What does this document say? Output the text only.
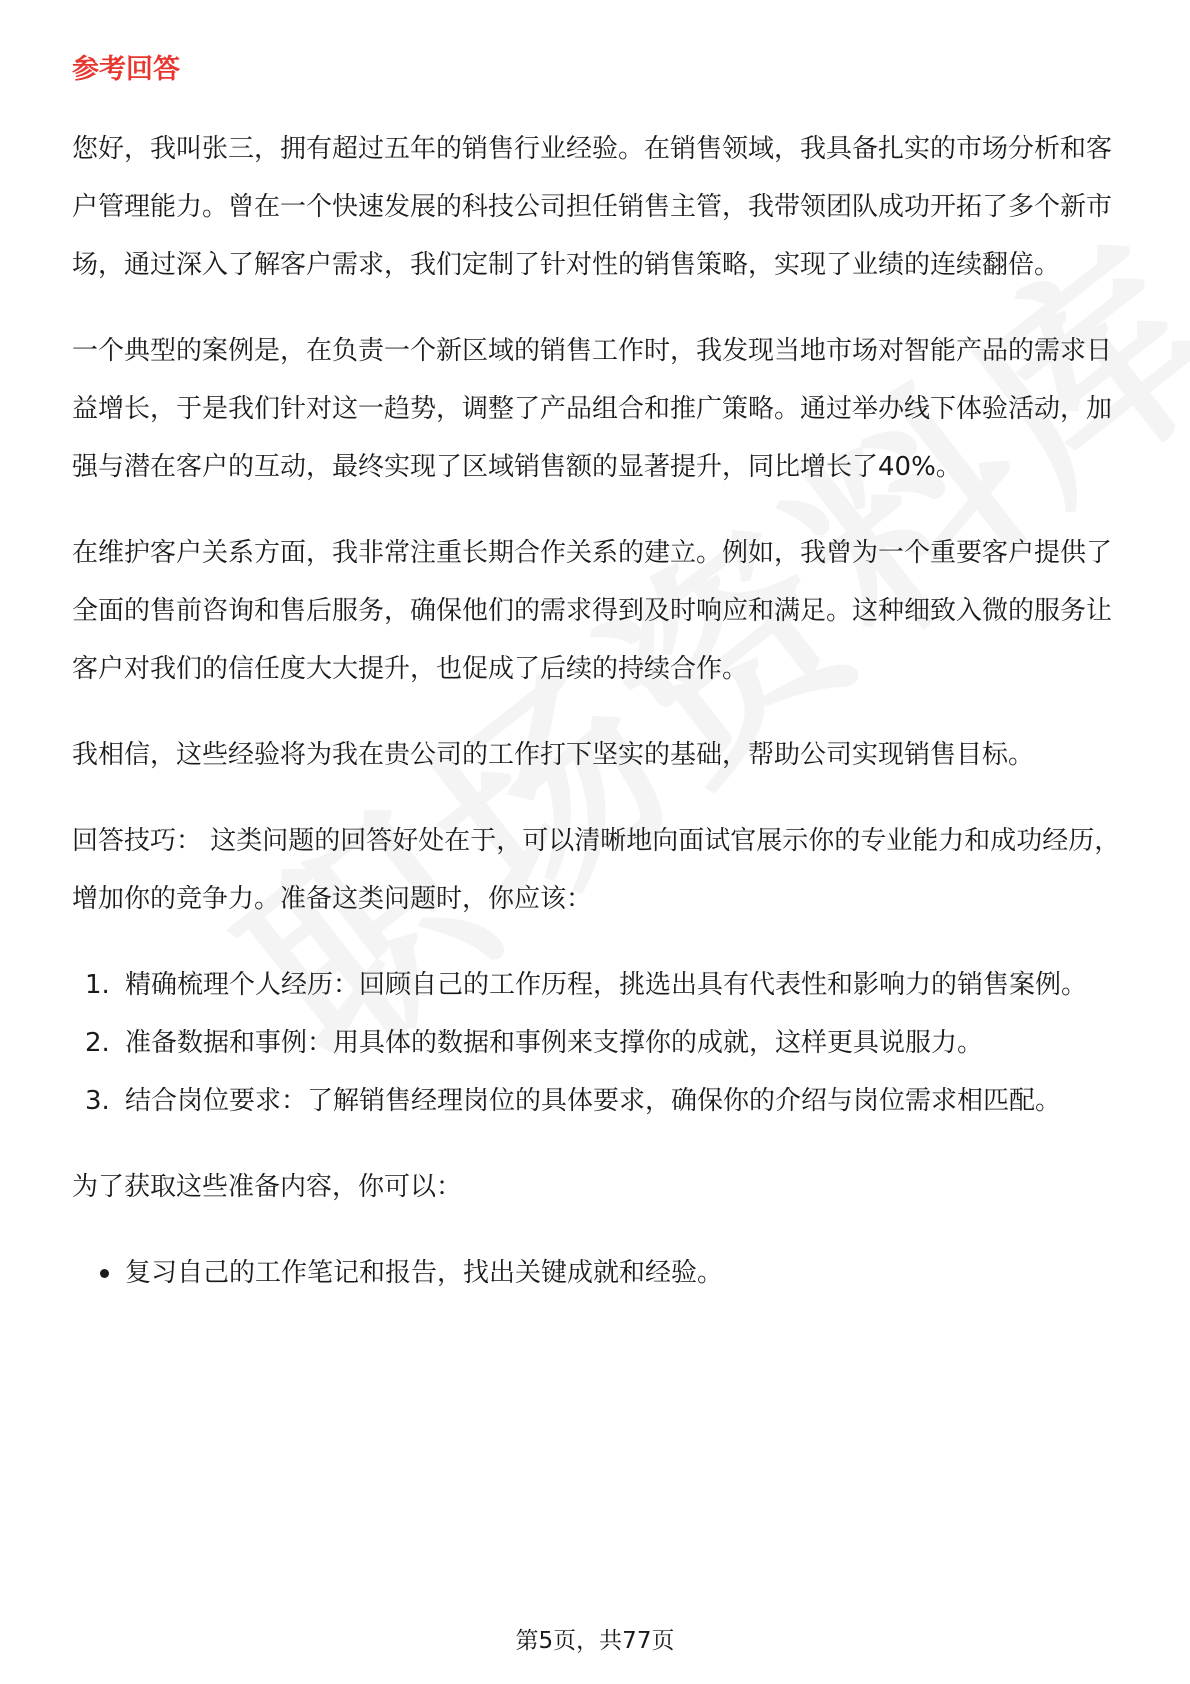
参考回答

您好，我叫张三，拥有超过五年的销售行业经验。在销售领域，我具备扎实的市场分析和客户管理能力。曾在一个快速发展的科技公司担任销售主管，我带领团队成功开拓了多个新市场，通过深入了解客户需求，我们定制了针对性的销售策略，实现了业绩的连续翻倍。

一个典型的案例是，在负责一个新区域的销售工作时，我发现当地市场对智能产品的需求日益增长，于是我们针对这一趋势，调整了产品组合和推广策略。通过举办线下体验活动，加强与潜在客户的互动，最终实现了区域销售额的显著提升，同比增长了40%。

在维护客户关系方面，我非常注重长期合作关系的建立。例如，我曾为一个重要客户提供了全面的售前咨询和售后服务，确保他们的需求得到及时响应和满足。这种细致入微的服务让客户对我们的信任度大大提升，也促成了后续的持续合作。

我相信，这些经验将为我在贵公司的工作打下坚实的基础，帮助公司实现销售目标。

回答技巧： 这类问题的回答好处在于，可以清晰地向面试官展示你的专业能力和成功经历，增加你的竞争力。准备这类问题时，你应该：

1. 精确梳理个人经历：回顾自己的工作历程，挑选出具有代表性和影响力的销售案例。
2. 准备数据和事例：用具体的数据和事例来支撑你的成就，这样更具说服力。
3. 结合岗位要求：了解销售经理岗位的具体要求，确保你的介绍与岗位需求相匹配。

为了获取这些准备内容，你可以：

复习自己的工作笔记和报告，找出关键成就和经验。
第5页，共77页
